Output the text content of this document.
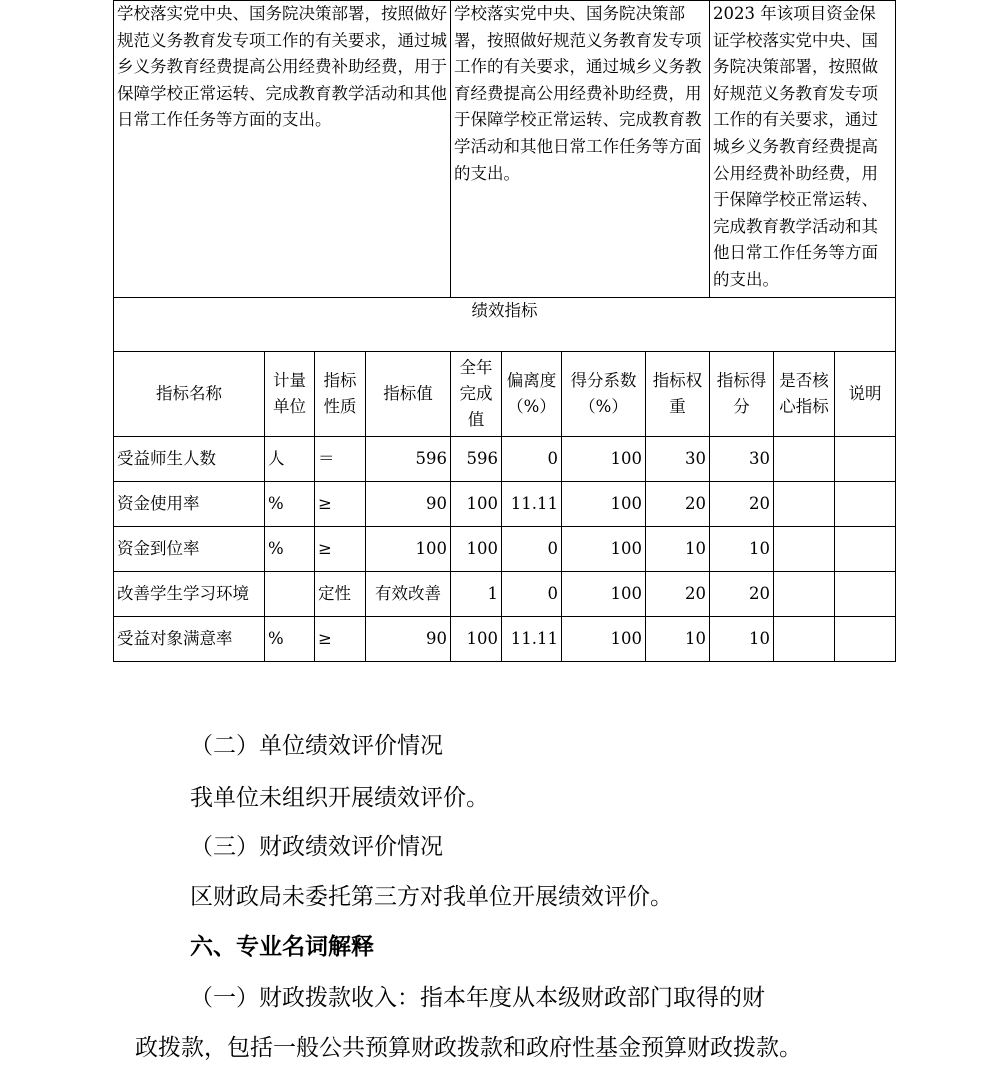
学校落实党中央、国务院决策部署，按照做好规范义务教育发专项工作的有关要求，通过城乡义务教育经费提高公用经费补助经费，用于保障学校正常运转、完成教育教学活动和其他日常工作任务等方面的支出。				学校落实党中央、国务院决策部署，按照做好规范义务教育发专项工作的有关要求，通过城乡义务教育经费提高公用经费补助经费，用于保障学校正常运转、完成教育教学活动和其他日常工作任务等方面的支出。				2023 年该项目资金保证学校落实党中央、国务院决策部署，按照做好规范义务教育发专项工作的有关要求，通过城乡义务教育经费提高公用经费补助经费，用于保障学校正常运转、完成教育教学活动和其他日常工作任务等方面的支出。		
绩效指标										
指标名称	计量单位	指标性质	指标值	全年完成值	偏离度（%）	得分系数（%）	指标权重	指标得分	是否核心指标	说明
受益师生人数	人	＝	596	596	0	100	30	30		
资金使用率	%	≥	90	100	11.11	100	20	20		
资金到位率	%	≥	100	100	0	100	10	10		
改善学生学习环境		定性	有效改善	1	0	100	20	20		
受益对象满意率	%	≥	90	100	11.11	100	10	10		
（二）单位绩效评价情况
我单位未组织开展绩效评价。
（三）财政绩效评价情况
区财政局未委托第三方对我单位开展绩效评价。
六、专业名词解释
（一）财政拨款收入：指本年度从本级财政部门取得的财
政拨款，包括一般公共预算财政拨款和政府性基金预算财政拨款。
